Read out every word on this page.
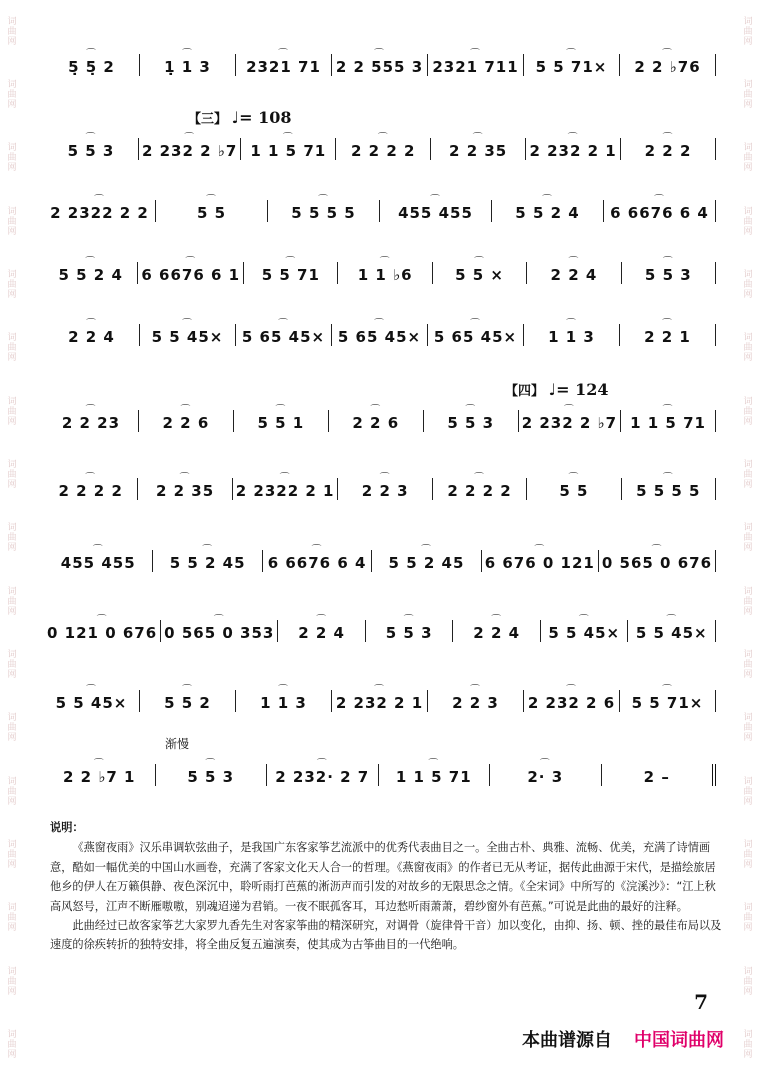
词曲网
词曲网
词曲网
词曲网
词曲网
词曲网
词曲网
词曲网
词曲网
词曲网
词曲网
词曲网
词曲网
词曲网
词曲网
词曲网
词曲网
词曲网
词曲网
词曲网
词曲网
词曲网
词曲网
词曲网
词曲网
词曲网
词曲网
词曲网
词曲网
词曲网
词曲网
词曲网
词曲网
词曲网
【三】 ♩= 108
【四】 ♩= 124
渐慢
⌒ 5̣ 5̣ 2	⌒ 1̣ 1 3 ⌒ 2321 71 ⌒ 2 2 555 3 ⌒ 2321 711 ⌒ 5 5 71× ⌒ 2 2 ♭76
⌒ 5 5 3 ⌒ 2 232 2 ♭7 ⌒ 1 1 5 71 ⌒ 2 2 2 2 ⌒ 2 2 35 ⌒ 2 232 2 1 ⌒ 2 2 2
⌒ 2 2322 2 2	⌒ 5 5	⌒ 5 5 5 5	⌒ 455 455	⌒ 5 5 2 4 ⌒ 6 6676 6 4
⌒ 5 5 2 4 ⌒ 6 6676 6 1 ⌒ 5 5 71	⌒ 1 1 ♭6	⌒ 5 5 ×	⌒ 2 2 4	⌒ 5 5 3
⌒ 2 2 4 ⌒ 5 5 45× ⌒ 5 65 45× ⌒ 5 65 45× ⌒ 5 65 45× ⌒ 1 1 3	⌒ 2 2 1
⌒ 2 2 23	⌒ 2 2 6	⌒ 5 5 1	⌒ 2 2 6	⌒ 5 5 3 ⌒ 2 232 2 ♭7 ⌒ 1 1 5 71
⌒ 2 2 2 2 ⌒ 2 2 35 ⌒ 2 2322 2 1 ⌒ 2 2 3	⌒ 2 2 2 2	⌒ 5 5	⌒ 5 5 5 5
⌒ 455 455 ⌒ 5 5 2 45 ⌒ 6 6676 6 4 ⌒ 5 5 2 45 ⌒ 6 676 0 121 ⌒ 0 565 0 676
⌒ 0 121 0 676 ⌒ 0 565 0 353 ⌒ 2 2 4	⌒ 5 5 3	⌒ 2 2 4 ⌒ 5 5 45× ⌒ 5 5 45×
⌒ 5 5 45× ⌒ 5 5 2	⌒ 1 1 3 ⌒ 2 232 2 1 ⌒ 2 2 3 ⌒ 2 232 2 6 ⌒ 5 5 71×
⌒ 2 2 ♭7 1	⌒ 5 5 3	⌒ 2 232· 2 7 ⌒ 1 1 5 71	⌒ 2· 3	2 –
说明：

《燕窗夜雨》汉乐串调软弦曲子，是我国广东客家筝艺流派中的优秀代表曲目之一。全曲古朴、典雅、流畅、优美，充满了诗情画意，酷如一幅优美的中国山水画卷，充满了客家文化天人合一的哲理。《燕窗夜雨》的作者已无从考证，据传此曲源于宋代，是描绘旅居他乡的伊人在万籁俱静、夜色深沉中，聆听雨打芭蕉的淅沥声而引发的对故乡的无限思念之情。《全宋词》中所写的《浣溪沙》：“江上秋高风怒号，江声不断雁嗷嗷，别魂迢递为君销。一夜不眠孤客耳，耳边愁听雨萧萧，碧纱窗外有芭蕉。”可说是此曲的最好的注释。

此曲经过已故客家筝艺大家罗九香先生对客家筝曲的精深研究，对调骨（旋律骨干音）加以变化，由抑、扬、顿、挫的最佳布局以及速度的徐疾转折的独特安排，将全曲反复五遍演奏，使其成为古筝曲目的一代绝响。

7
本曲谱源自 中国词曲网
